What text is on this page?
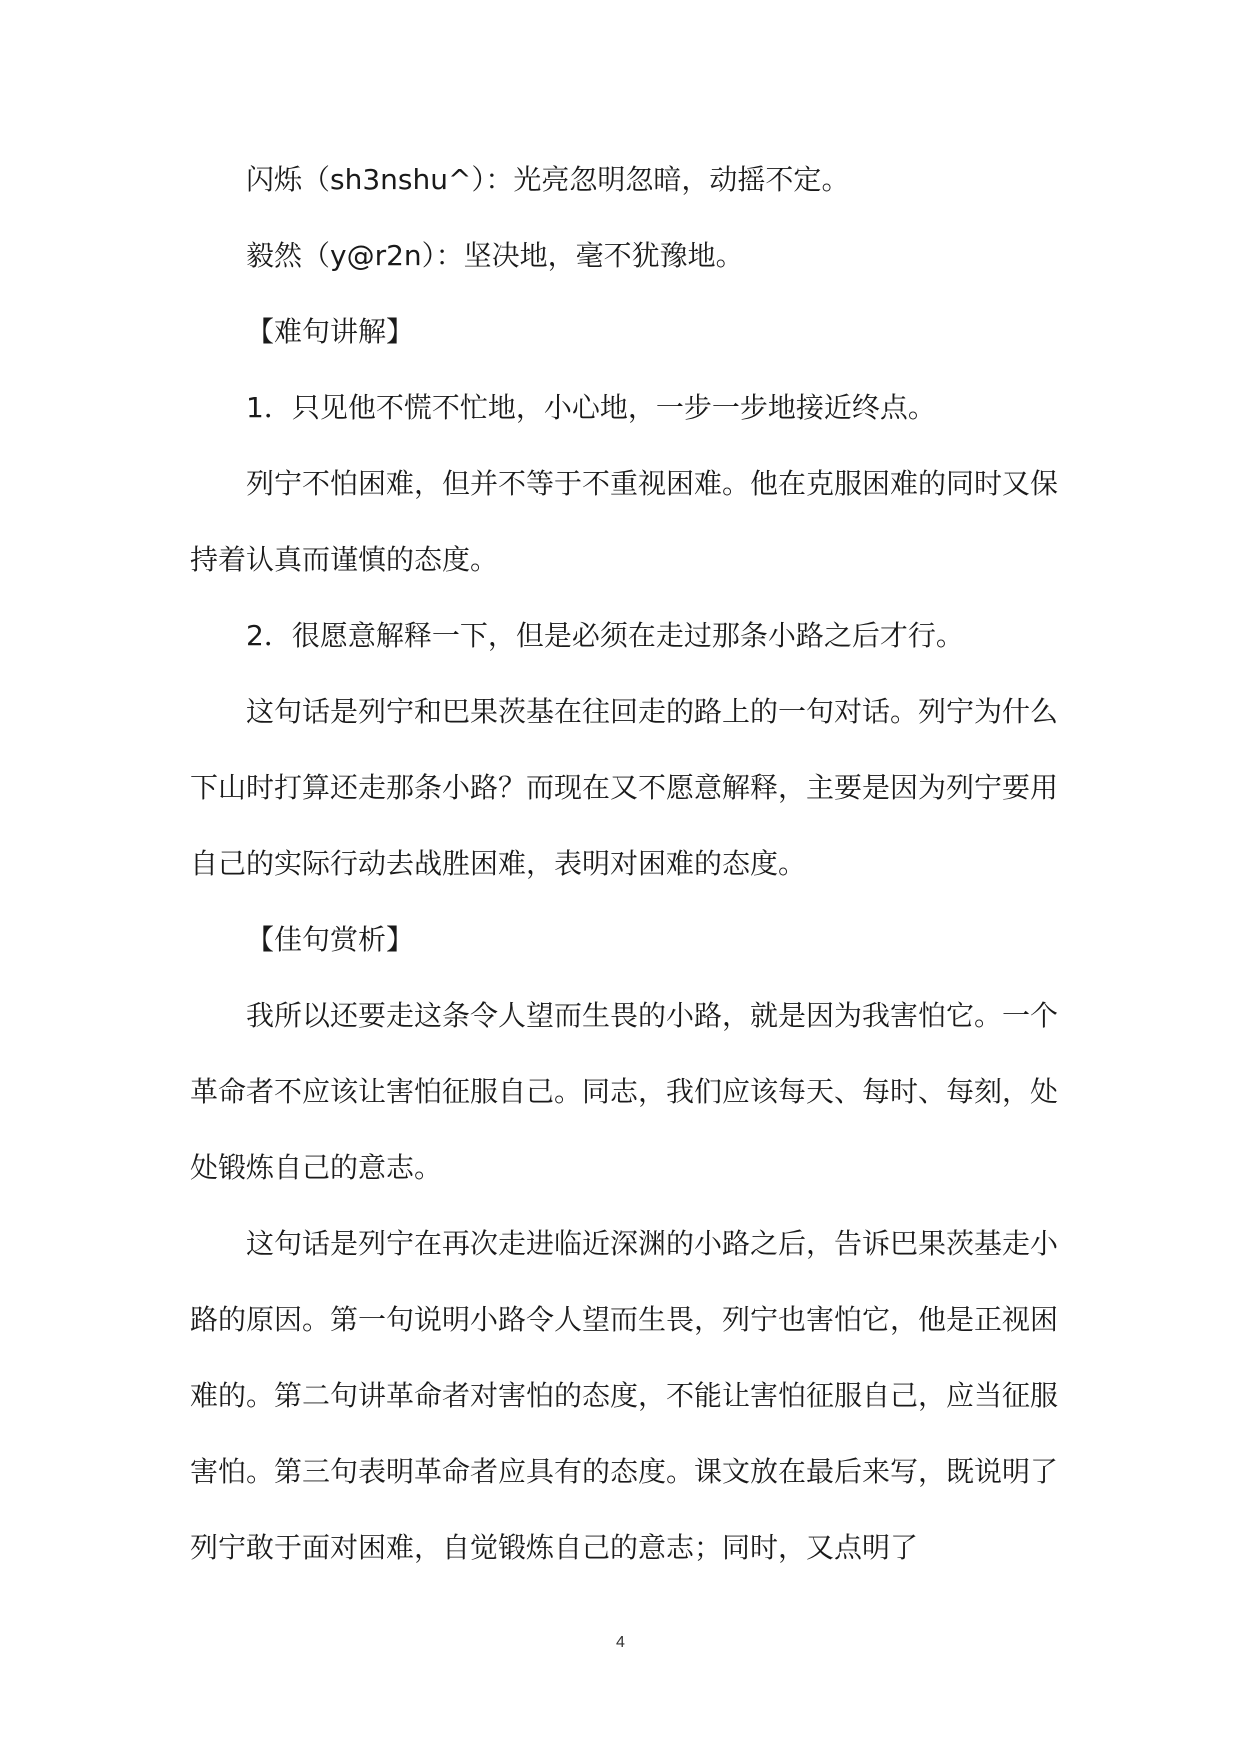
闪烁（sh3nshu^）：光亮忽明忽暗，动摇不定。

毅然（y@r2n）：坚决地，毫不犹豫地。

【难句讲解】

1．只见他不慌不忙地，小心地，一步一步地接近终点。

列宁不怕困难，但并不等于不重视困难。他在克服困难的同时又保持着认真而谨慎的态度。

2．很愿意解释一下，但是必须在走过那条小路之后才行。

这句话是列宁和巴果茨基在往回走的路上的一句对话。列宁为什么下山时打算还走那条小路？而现在又不愿意解释，主要是因为列宁要用自己的实际行动去战胜困难，表明对困难的态度。

【佳句赏析】

我所以还要走这条令人望而生畏的小路，就是因为我害怕它。一个革命者不应该让害怕征服自己。同志，我们应该每天、每时、每刻，处处锻炼自己的意志。

这句话是列宁在再次走进临近深渊的小路之后，告诉巴果茨基走小路的原因。第一句说明小路令人望而生畏，列宁也害怕它，他是正视困难的。第二句讲革命者对害怕的态度，不能让害怕征服自己，应当征服害怕。第三句表明革命者应具有的态度。课文放在最后来写，既说明了列宁敢于面对困难，自觉锻炼自己的意志；同时，又点明了

4
